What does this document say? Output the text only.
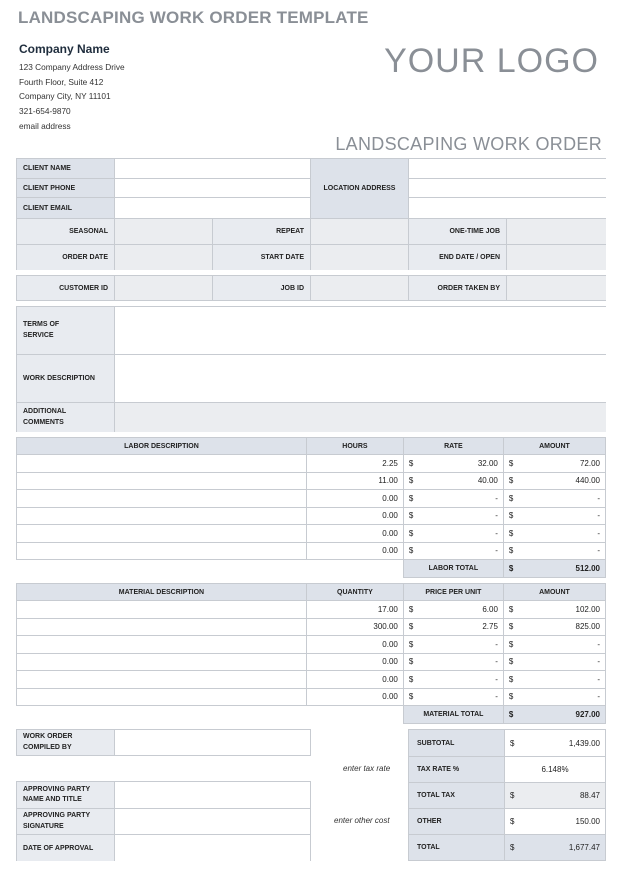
LANDSCAPING WORK ORDER TEMPLATE
Company Name
123 Company Address Drive
Fourth Floor, Suite 412
Company City, NY 11101
321-654-9870
email address
YOUR LOGO
LANDSCAPING WORK ORDER
CLIENT NAME
CLIENT PHONE
CLIENT EMAIL
LOCATION ADDRESS
SEASONAL	REPEAT	ONE-TIME JOB
ORDER DATE	START DATE	END DATE / OPEN
CUSTOMER ID	JOB ID	ORDER TAKEN BY
TERMS OF SERVICE
WORK DESCRIPTION
ADDITIONAL COMMENTS
LABOR DESCRIPTION	HOURS	RATE		AMOUNT	
	2.25	$	32.00	$	72.00
	11.00	$	40.00	$	440.00
	0.00	$	-	$	-
	0.00	$	-	$	-
	0.00	$	-	$	-
	0.00	$	-	$	-
		LABOR TOTAL		$	512.00
MATERIAL DESCRIPTION	QUANTITY	PRICE PER UNIT		AMOUNT	
	17.00	$	6.00	$	102.00
	300.00	$	2.75	$	825.00
	0.00	$	-	$	-
	0.00	$	-	$	-
	0.00	$	-	$	-
	0.00	$	-	$	-
		MATERIAL TOTAL		$	927.00
WORK ORDER COMPILED BY
APPROVING PARTY NAME AND TITLE
APPROVING PARTY SIGNATURE
DATE OF APPROVAL
enter tax rate
enter other cost
SUBTOTAL	$	1,439.00
TAX RATE %	6.148%	
TOTAL TAX	$	88.47
OTHER	$	150.00
TOTAL	$	1,677.47
